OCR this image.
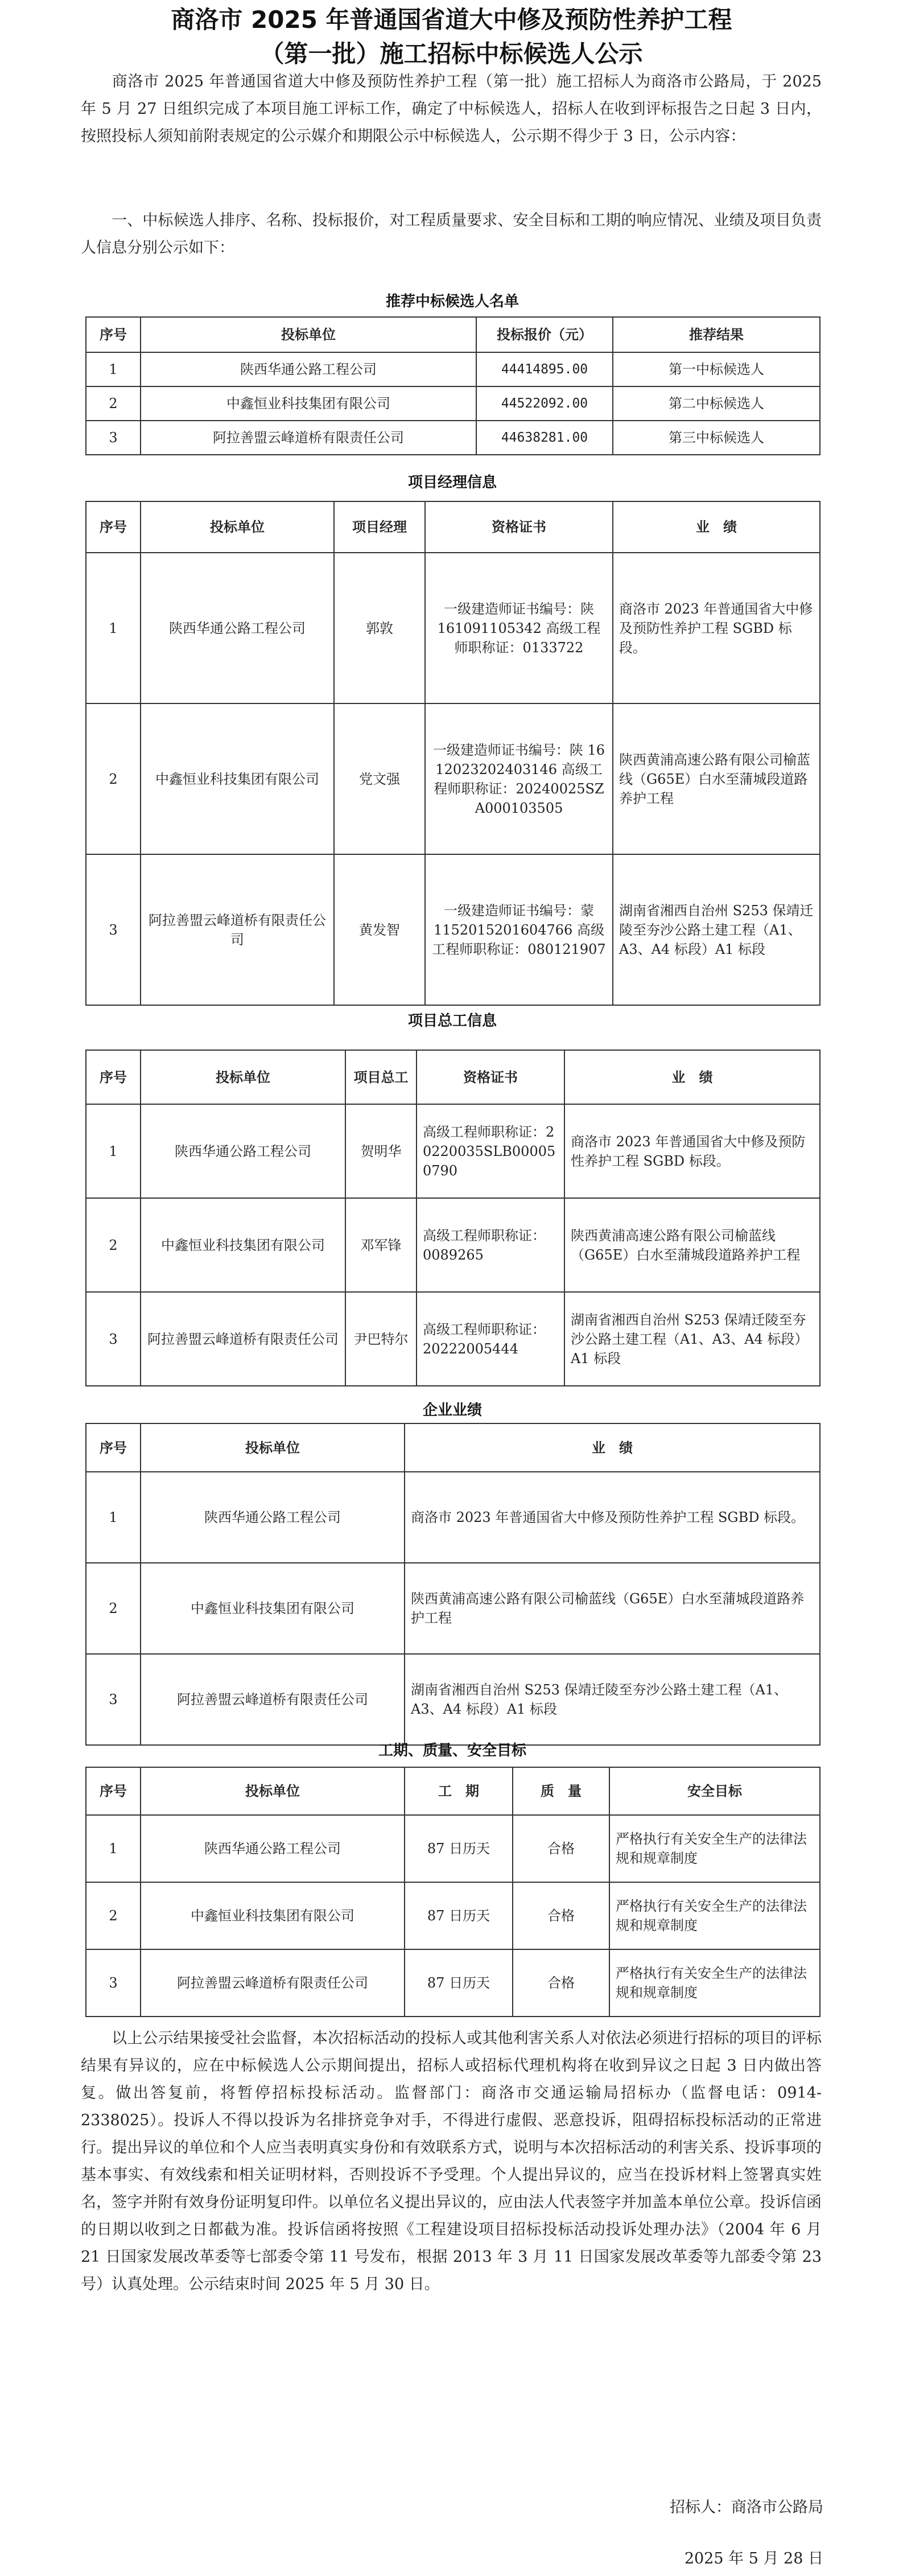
商洛市 2025 年普通国省道大中修及预防性养护工程
（第一批）施工招标中标候选人公示

商洛市 2025 年普通国省道大中修及预防性养护工程（第一批）施工招标人为商洛市公路局，于 2025 年 5 月 27 日组织完成了本项目施工评标工作，确定了中标候选人，招标人在收到评标报告之日起 3 日内，按照投标人须知前附表规定的公示媒介和期限公示中标候选人，公示期不得少于 3 日，公示内容：

一、中标候选人排序、名称、投标报价，对工程质量要求、安全目标和工期的响应情况、业绩及项目负责人信息分别公示如下：

推荐中标候选人名单
序号	投标单位	投标报价（元）	推荐结果
1	陕西华通公路工程公司	44414895.00	第一中标候选人
2	中鑫恒业科技集团有限公司	44522092.00	第二中标候选人
3	阿拉善盟云峰道桥有限责任公司	44638281.00	第三中标候选人
项目经理信息
序号	投标单位	项目经理	资格证书	业　绩
1	陕西华通公路工程公司	郭敦	一级建造师证书编号：陕 161091105342 高级工程师职称证：0133722	商洛市 2023 年普通国省大中修及预防性养护工程 SGBD 标段。
2	中鑫恒业科技集团有限公司	党文强	一级建造师证书编号：陕 1612023202403146 高级工程师职称证：20240025SZA000103505	陕西黄浦高速公路有限公司榆蓝线（G65E）白水至蒲城段道路养护工程
3	阿拉善盟云峰道桥有限责任公司	黄发智	一级建造师证书编号：蒙 1152015201604766 高级工程师职称证：080121907	湖南省湘西自治州 S253 保靖迁陵至夯沙公路土建工程（A1、A3、A4 标段）A1 标段
项目总工信息
序号	投标单位	项目总工	资格证书	业　绩
1	陕西华通公路工程公司	贺明华	高级工程师职称证：20220035SLB000050790	商洛市 2023 年普通国省大中修及预防性养护工程 SGBD 标段。
2	中鑫恒业科技集团有限公司	邓军锋	高级工程师职称证：0089265	陕西黄浦高速公路有限公司榆蓝线（G65E）白水至蒲城段道路养护工程
3	阿拉善盟云峰道桥有限责任公司	尹巴特尔	高级工程师职称证：20222005444	湖南省湘西自治州 S253 保靖迁陵至夯沙公路土建工程（A1、A3、A4 标段）A1 标段
企业业绩
序号	投标单位	业　绩
1	陕西华通公路工程公司	商洛市 2023 年普通国省大中修及预防性养护工程 SGBD 标段。
2	中鑫恒业科技集团有限公司	陕西黄浦高速公路有限公司榆蓝线（G65E）白水至蒲城段道路养护工程
3	阿拉善盟云峰道桥有限责任公司	湖南省湘西自治州 S253 保靖迁陵至夯沙公路土建工程（A1、A3、A4 标段）A1 标段
工期、质量、安全目标
序号	投标单位	工　期	质　量	安全目标
1	陕西华通公路工程公司	87 日历天	合格	严格执行有关安全生产的法律法规和规章制度
2	中鑫恒业科技集团有限公司	87 日历天	合格	严格执行有关安全生产的法律法规和规章制度
3	阿拉善盟云峰道桥有限责任公司	87 日历天	合格	严格执行有关安全生产的法律法规和规章制度

以上公示结果接受社会监督，本次招标活动的投标人或其他利害关系人对依法必须进行招标的项目的评标结果有异议的，应在中标候选人公示期间提出，招标人或招标代理机构将在收到异议之日起 3 日内做出答复。做出答复前，将暂停招标投标活动。监督部门：商洛市交通运输局招标办（监督电话：0914-2338025）。投诉人不得以投诉为名排挤竞争对手，不得进行虚假、恶意投诉，阻碍招标投标活动的正常进行。提出异议的单位和个人应当表明真实身份和有效联系方式，说明与本次招标活动的利害关系、投诉事项的基本事实、有效线索和相关证明材料，否则投诉不予受理。个人提出异议的，应当在投诉材料上签署真实姓名，签字并附有效身份证明复印件。以单位名义提出异议的，应由法人代表签字并加盖本单位公章。投诉信函的日期以收到之日都截为准。投诉信函将按照《工程建设项目招标投标活动投诉处理办法》（2004 年 6 月 21 日国家发展改革委等七部委令第 11 号发布，根据 2013 年 3 月 11 日国家发展改革委等九部委令第 23 号）认真处理。公示结束时间 2025 年 5 月 30 日。

招标人：商洛市公路局
2025 年 5 月 28 日
